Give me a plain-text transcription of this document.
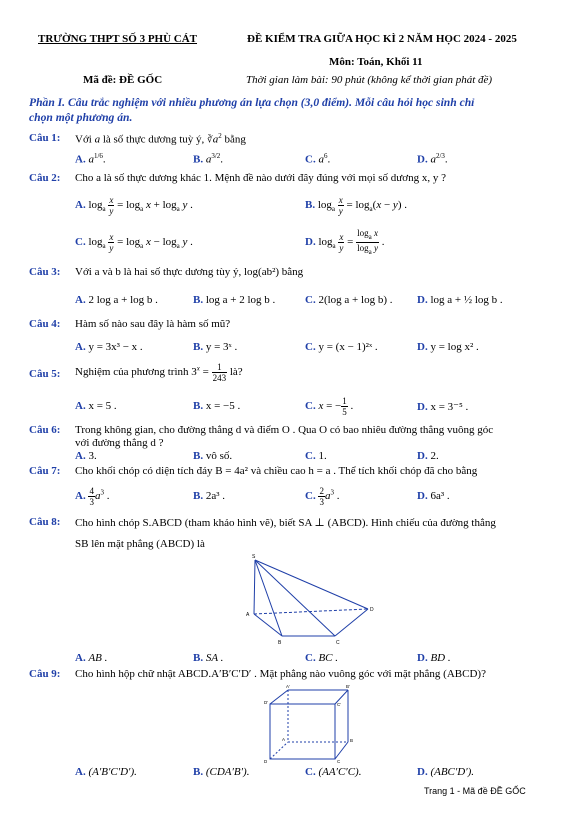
TRƯỜNG THPT SỐ 3 PHÙ CÁT	ĐỀ KIỂM TRA GIỮA HỌC KÌ 2 NĂM HỌC 2024 - 2025
Môn: Toán, Khối 11
Mã đề: ĐỀ GỐC	Thời gian làm bài: 90 phút (không kể thời gian phát đề)
Phần I. Câu trắc nghiệm với nhiều phương án lựa chọn (3,0 điểm). Mỗi câu hỏi học sinh chỉ
chọn một phương án.
Câu 1: Với a là số thực dương tuỳ ý, $∛a^2$ bằng
A. $a^{1/6}$.	B. $a^{3/2}$.	C. $a^6$.	D. $a^{2/3}$.
Câu 2: Cho a là số thực dương khác 1. Mệnh đề nào dưới đây đúng với mọi số dương x, y ?
A. $\log_a \frac{x}{y} = \log_a x + \log_a y$ .	B. $\log_a \frac{x}{y} = \log_a(x - y)$ .
C. $\log_a \frac{x}{y} = \log_a x - \log_a y$ .	D. $\log_a \frac{x}{y} = \frac{\log_a x}{\log_a y}$ .
Câu 3: Với a và b là hai số thực dương tùy ý, log(ab²) bằng
A. 2 log a + log b .	B. log a + 2 log b .	C. 2(log a + log b) . D. log a + ½ log b .
Câu 4: Hàm số nào sau đây là hàm số mũ?
A. y = 3x³ − x .	B. y = 3ˣ .	C. y = (x − 1)²ˣ .	D. y = log x² .
Câu 5: Nghiệm của phương trình $3^x = \frac{1}{243}$ là?
A. x = 5 .	B. x = −5 .	C. x = − $\frac{1}{5}$ .	D. x = 3⁻⁵ .
Câu 6: Trong không gian, cho đường thẳng d và điểm O . Qua O có bao nhiêu đường thẳng vuông góc
với đường thẳng d ?
A. 3.	B. vô số.	C. 1.	D. 2.
Câu 7: Cho khối chóp có diện tích đáy B = 4a² và chiều cao h = a . Thể tích khối chóp đã cho bằng
A. $\frac{4}{3} a^3$ .	B. 2a³ .	C. $\frac{2}{3} a^3$ .	D. 6a³ .
Câu 8: Cho hình chóp S.ABCD (tham khảo hình vẽ), biết SA ⊥ (ABCD). Hình chiếu của đường thẳng
SB lên mặt phẳng (ABCD) là
S
A
B	C
D
A. AB .	B. SA .	C. BC .	D. BD .
Câu 9: Cho hình hộp chữ nhật ABCD.A′B′C′D′ . Mặt phẳng nào vuông góc với mặt phẳng (ABCD)?
A′	B′
D′	C′
A	B
D	C
A. (A′B′C′D′).	B. (CDA′B′).	C. (AA′C′C).	D. (ABC′D′).
Trang 1 - Mã đề ĐỀ GỐC
